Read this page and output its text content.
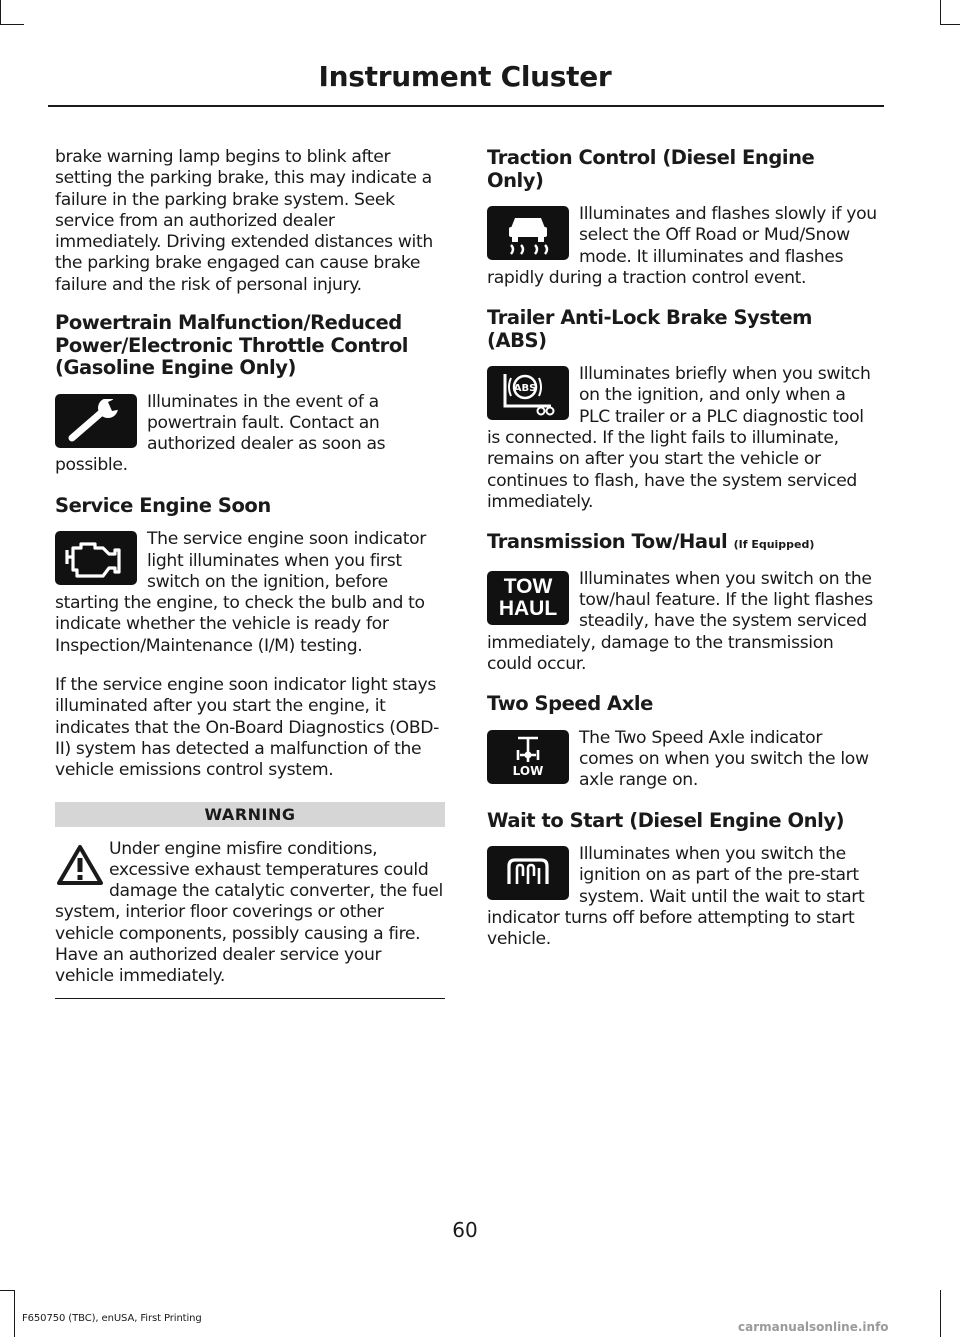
Instrument Cluster

brake warning lamp begins to blink after setting the parking brake, this may indicate a failure in the parking brake system. Seek service from an authorized dealer immediately. Driving extended distances with the parking brake engaged can cause brake failure and the risk of personal injury.

Powertrain Malfunction/Reduced Power/Electronic Throttle Control (Gasoline Engine Only)

Illuminates in the event of a powertrain fault. Contact an authorized dealer as soon as possible.

Service Engine Soon

The service engine soon indicator light illuminates when you first switch on the ignition, before starting the engine, to check the bulb and to indicate whether the vehicle is ready for Inspection/Maintenance (I/M) testing.

If the service engine soon indicator light stays illuminated after you start the engine, it indicates that the On-Board Diagnostics (OBD-II) system has detected a malfunction of the vehicle emissions control system.

WARNING

Under engine misfire conditions, excessive exhaust temperatures could damage the catalytic converter, the fuel system, interior floor coverings or other vehicle components, possibly causing a fire. Have an authorized dealer service your vehicle immediately.

Traction Control (Diesel Engine Only)

Illuminates and flashes slowly if you select the Off Road or Mud/Snow mode. It illuminates and flashes rapidly during a traction control event.

Trailer Anti-Lock Brake System (ABS)
ABS

Illuminates briefly when you switch on the ignition, and only when a PLC trailer or a PLC diagnostic tool is connected. If the light fails to illuminate, remains on after you start the vehicle or continues to flash, have the system serviced immediately.

Transmission Tow/Haul (If Equipped)
TOW
HAUL

Illuminates when you switch on the tow/haul feature. If the light flashes steadily, have the system serviced immediately, damage to the transmission could occur.

Two Speed Axle
LOW

The Two Speed Axle indicator comes on when you switch the low axle range on.

Wait to Start (Diesel Engine Only)

Illuminates when you switch the ignition on as part of the pre-start system. Wait until the wait to start indicator turns off before attempting to start vehicle.

60
F650750 (TBC), enUSA, First Printing
carmanualsonline.info
